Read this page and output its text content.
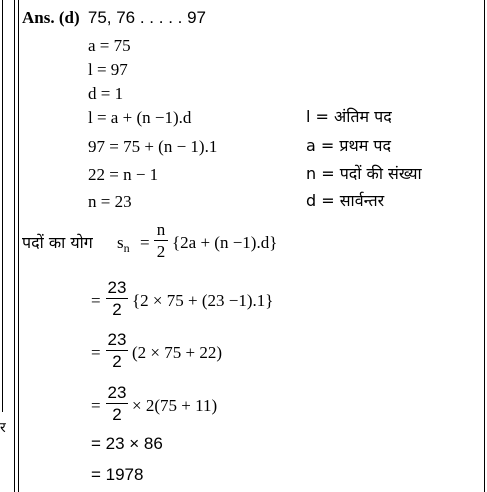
र
Ans. (d) 75, 76 . . . . . 97
a = 75
l = 97
d = 1
l = a + (n −1).d
97 = 75 + (n − 1).1
22 = n − 1
n = 23
l = अंतिम पद
a = प्रथम पद
n = पदों की संख्या
d = सार्वन्तर
पदों का योग $s_n$ =
n
2 {2a + (n −1).d}
=
23
2 {2 × 75 + (23 −1).1}
=
23
2 (2 × 75 + 22)
=
23
2 × 2(75 + 11)
= 23 × 86
= 1978
